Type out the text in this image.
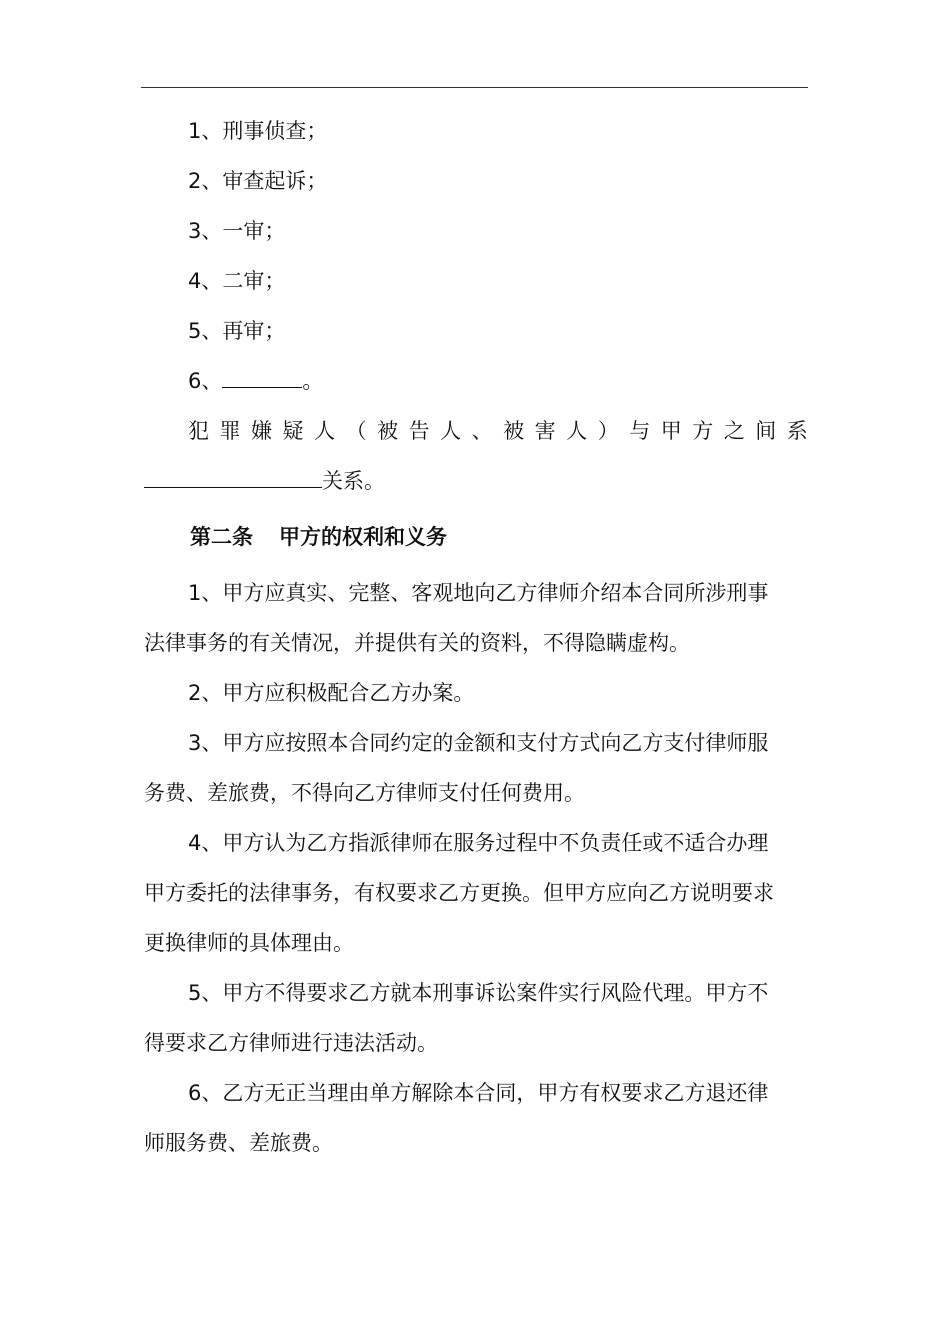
1、刑事侦查；
2、审查起诉；
3、一审；
4、二审；
5、再审；
6、	。
犯 罪 嫌 疑 人 （ 被 告 人 、 被 害 人 ） 与 甲 方 之 间 系
关系。
第二条 甲方的权利和义务
1、甲方应真实、完整、客观地向乙方律师介绍本合同所涉刑事
法律事务的有关情况，并提供有关的资料，不得隐瞒虚构。
2、甲方应积极配合乙方办案。
3、甲方应按照本合同约定的金额和支付方式向乙方支付律师服
务费、差旅费，不得向乙方律师支付任何费用。
4、甲方认为乙方指派律师在服务过程中不负责任或不适合办理
甲方委托的法律事务，有权要求乙方更换。但甲方应向乙方说明要求
更换律师的具体理由。
5、甲方不得要求乙方就本刑事诉讼案件实行风险代理。甲方不
得要求乙方律师进行违法活动。
6、乙方无正当理由单方解除本合同，甲方有权要求乙方退还律
师服务费、差旅费。
